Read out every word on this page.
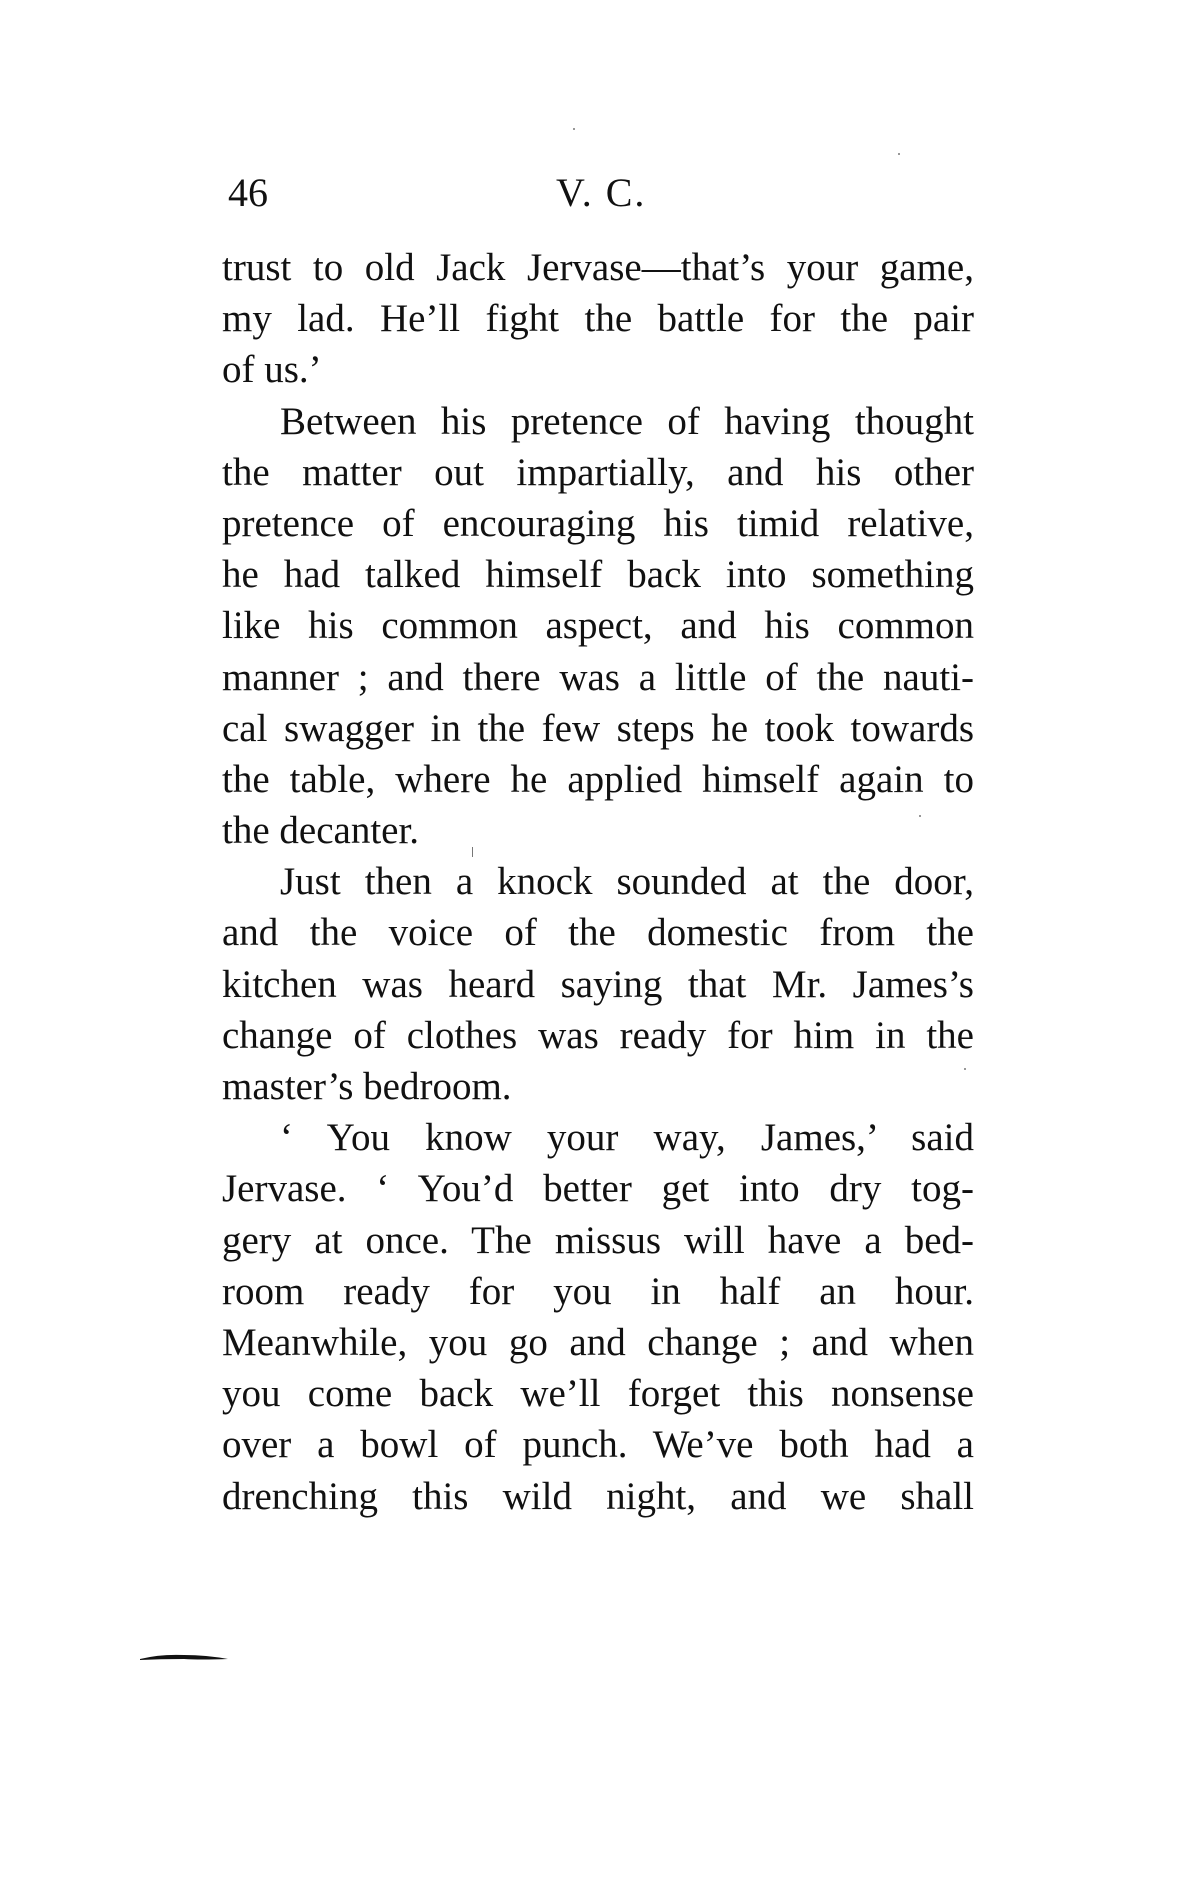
46	V. C.
trust to old Jack Jervase—that’s your game,
my lad. He’ll fight the battle for the pair
of us.’
Between his pretence of having thought
the matter out impartially, and his other
pretence of encouraging his timid relative,
he had talked himself back into something
like his common aspect, and his common
manner ; and there was a little of the nauti-
cal swagger in the few steps he took towards
the table, where he applied himself again to
the decanter.
Just then a knock sounded at the door,
and the voice of the domestic from the
kitchen was heard saying that Mr. James’s
change of clothes was ready for him in the
master’s bedroom.
‘ You know your way, James,’ said
Jervase. ‘ You’d better get into dry tog-
gery at once. The missus will have a bed-
room ready for you in half an hour.
Meanwhile, you go and change ; and when
you come back we’ll forget this nonsense
over a bowl of punch. We’ve both had a
drenching this wild night, and we shall
